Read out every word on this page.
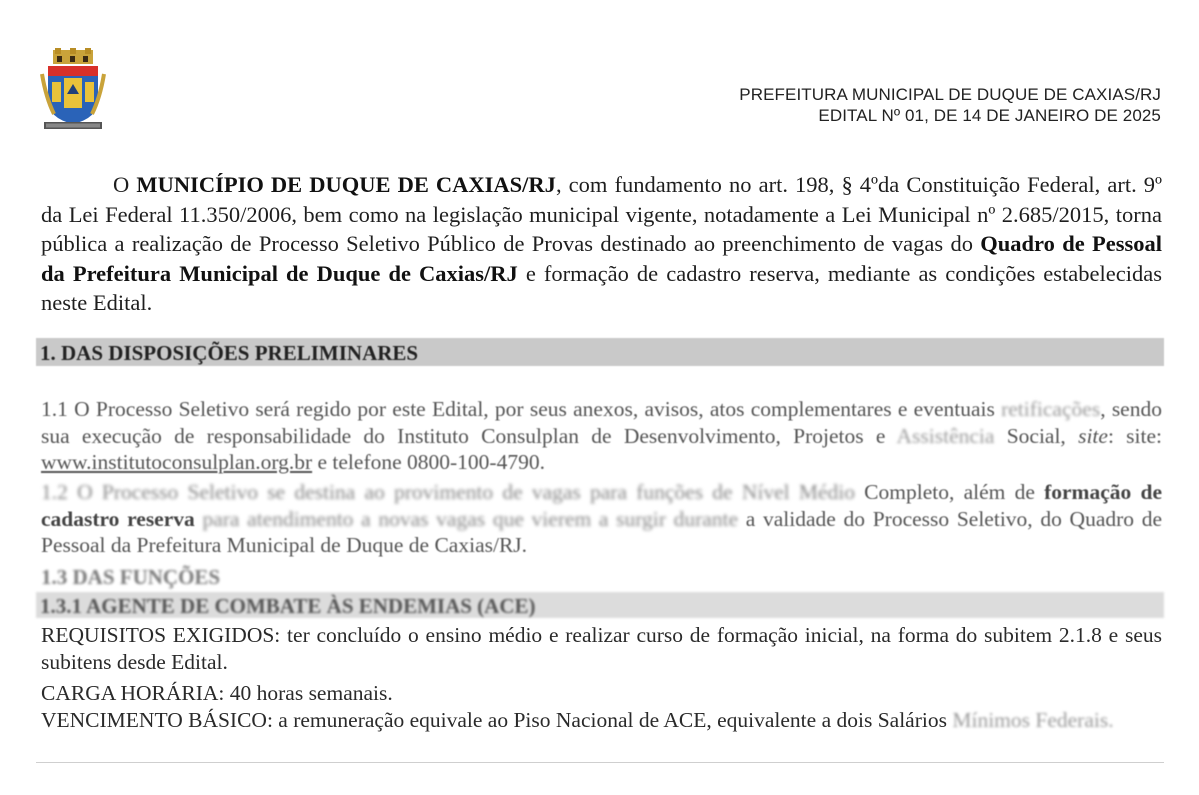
PREFEITURA MUNICIPAL DE DUQUE DE CAXIAS/RJ
EDITAL Nº 01, DE 14 DE JANEIRO DE 2025

O MUNICÍPIO DE DUQUE DE CAXIAS/RJ, com fundamento no art. 198, § 4ºda Constituição Federal, art. 9º da Lei Federal 11.350/2006, bem como na legislação municipal vigente, notadamente a Lei Municipal nº 2.685/2015, torna pública a realização de Processo Seletivo Público de Provas destinado ao preenchimento de vagas do Quadro de Pessoal da Prefeitura Municipal de Duque de Caxias/RJ e formação de cadastro reserva, mediante as condições estabelecidas neste Edital.

1. DAS DISPOSIÇÕES PRELIMINARES

1.1 O Processo Seletivo será regido por este Edital, por seus anexos, avisos, atos complementares e eventuais retificações, sendo sua execução de responsabilidade do Instituto Consulplan de Desenvolvimento, Projetos e Assistência Social, site: site: www.institutoconsulplan.org.br e telefone 0800-100-4790.

1.2 O Processo Seletivo se destina ao provimento de vagas para funções de Nível Médio Completo, além de formação de cadastro reserva para atendimento a novas vagas que vierem a surgir durante a validade do Processo Seletivo, do Quadro de Pessoal da Prefeitura Municipal de Duque de Caxias/RJ.

1.3 DAS FUNÇÕES
1.3.1 AGENTE DE COMBATE ÀS ENDEMIAS (ACE)

REQUISITOS EXIGIDOS: ter concluído o ensino médio e realizar curso de formação inicial, na forma do subitem 2.1.8 e seus subitens desde Edital.

CARGA HORÁRIA: 40 horas semanais.

VENCIMENTO BÁSICO: a remuneração equivale ao Piso Nacional de ACE, equivalente a dois Salários Mínimos Federais.
